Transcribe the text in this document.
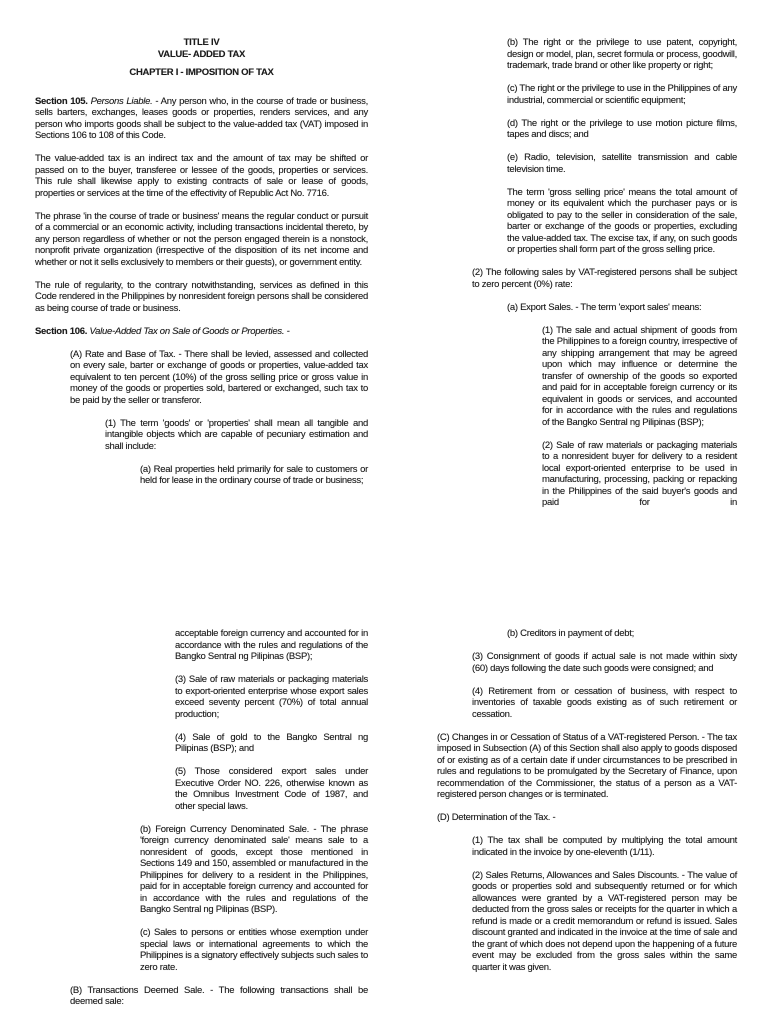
TITLE IV
VALUE- ADDED TAX
CHAPTER I - IMPOSITION OF TAX

Section 105. Persons Liable. - Any person who, in the course of trade or business, sells barters, exchanges, leases goods or properties, renders services, and any person who imports goods shall be subject to the value-added tax (VAT) imposed in Sections 106 to 108 of this Code.

The value-added tax is an indirect tax and the amount of tax may be shifted or passed on to the buyer, transferee or lessee of the goods, properties or services. This rule shall likewise apply to existing contracts of sale or lease of goods, properties or services at the time of the effectivity of Republic Act No. 7716.

The phrase 'in the course of trade or business' means the regular conduct or pursuit of a commercial or an economic activity, including transactions incidental thereto, by any person regardless of whether or not the person engaged therein is a nonstock, nonprofit private organization (irrespective of the disposition of its net income and whether or not it sells exclusively to members or their guests), or government entity.

The rule of regularity, to the contrary notwithstanding, services as defined in this Code rendered in the Philippines by nonresident foreign persons shall be considered as being course of trade or business.

Section 106. Value-Added Tax on Sale of Goods or Properties. -

(A) Rate and Base of Tax. - There shall be levied, assessed and collected on every sale, barter or exchange of goods or properties, value-added tax equivalent to ten percent (10%) of the gross selling price or gross value in money of the goods or properties sold, bartered or exchanged, such tax to be paid by the seller or transferor.

(1) The term 'goods' or 'properties' shall mean all tangible and intangible objects which are capable of pecuniary estimation and shall include:

(a) Real properties held primarily for sale to customers or held for lease in the ordinary course of trade or business;

(b) The right or the privilege to use patent, copyright, design or model, plan, secret formula or process, goodwill, trademark, trade brand or other like property or right;

(c) The right or the privilege to use in the Philippines of any industrial, commercial or scientific equipment;

(d) The right or the privilege to use motion picture films, tapes and discs; and

(e) Radio, television, satellite transmission and cable television time.

The term 'gross selling price' means the total amount of money or its equivalent which the purchaser pays or is obligated to pay to the seller in consideration of the sale, barter or exchange of the goods or properties, excluding the value-added tax. The excise tax, if any, on such goods or properties shall form part of the gross selling price.

(2) The following sales by VAT-registered persons shall be subject to zero percent (0%) rate:

(a) Export Sales. - The term 'export sales' means:

(1) The sale and actual shipment of goods from the Philippines to a foreign country, irrespective of any shipping arrangement that may be agreed upon which may influence or determine the transfer of ownership of the goods so exported and paid for in acceptable foreign currency or its equivalent in goods or services, and accounted for in accordance with the rules and regulations of the Bangko Sentral ng Pilipinas (BSP);

(2) Sale of raw materials or packaging materials to a nonresident buyer for delivery to a resident local export-oriented enterprise to be used in manufacturing, processing, packing or repacking in the Philippines of the said buyer's goods and paid for in

acceptable foreign currency and accounted for in accordance with the rules and regulations of the Bangko Sentral ng Pilipinas (BSP);

(3) Sale of raw materials or packaging materials to export-oriented enterprise whose export sales exceed seventy percent (70%) of total annual production;

(4) Sale of gold to the Bangko Sentral ng Pilipinas (BSP); and

(5) Those considered export sales under Executive Order NO. 226, otherwise known as the Omnibus Investment Code of 1987, and other special laws.

(b) Foreign Currency Denominated Sale. - The phrase 'foreign currency denominated sale' means sale to a nonresident of goods, except those mentioned in Sections 149 and 150, assembled or manufactured in the Philippines for delivery to a resident in the Philippines, paid for in acceptable foreign currency and accounted for in accordance with the rules and regulations of the Bangko Sentral ng Pilipinas (BSP).

(c) Sales to persons or entities whose exemption under special laws or international agreements to which the Philippines is a signatory effectively subjects such sales to zero rate.

(B) Transactions Deemed Sale. - The following transactions shall be deemed sale:

(b) Creditors in payment of debt;

(3) Consignment of goods if actual sale is not made within sixty (60) days following the date such goods were consigned; and

(4) Retirement from or cessation of business, with respect to inventories of taxable goods existing as of such retirement or cessation.

(C) Changes in or Cessation of Status of a VAT-registered Person. - The tax imposed in Subsection (A) of this Section shall also apply to goods disposed of or existing as of a certain date if under circumstances to be prescribed in rules and regulations to be promulgated by the Secretary of Finance, upon recommendation of the Commissioner, the status of a person as a VAT-registered person changes or is terminated.

(D) Determination of the Tax. -

(1) The tax shall be computed by multiplying the total amount indicated in the invoice by one-eleventh (1/11).

(2) Sales Returns, Allowances and Sales Discounts. - The value of goods or properties sold and subsequently returned or for which allowances were granted by a VAT-registered person may be deducted from the gross sales or receipts for the quarter in which a refund is made or a credit memorandum or refund is issued. Sales discount granted and indicated in the invoice at the time of sale and the grant of which does not depend upon the happening of a future event may be excluded from the gross sales within the same quarter it was given.
